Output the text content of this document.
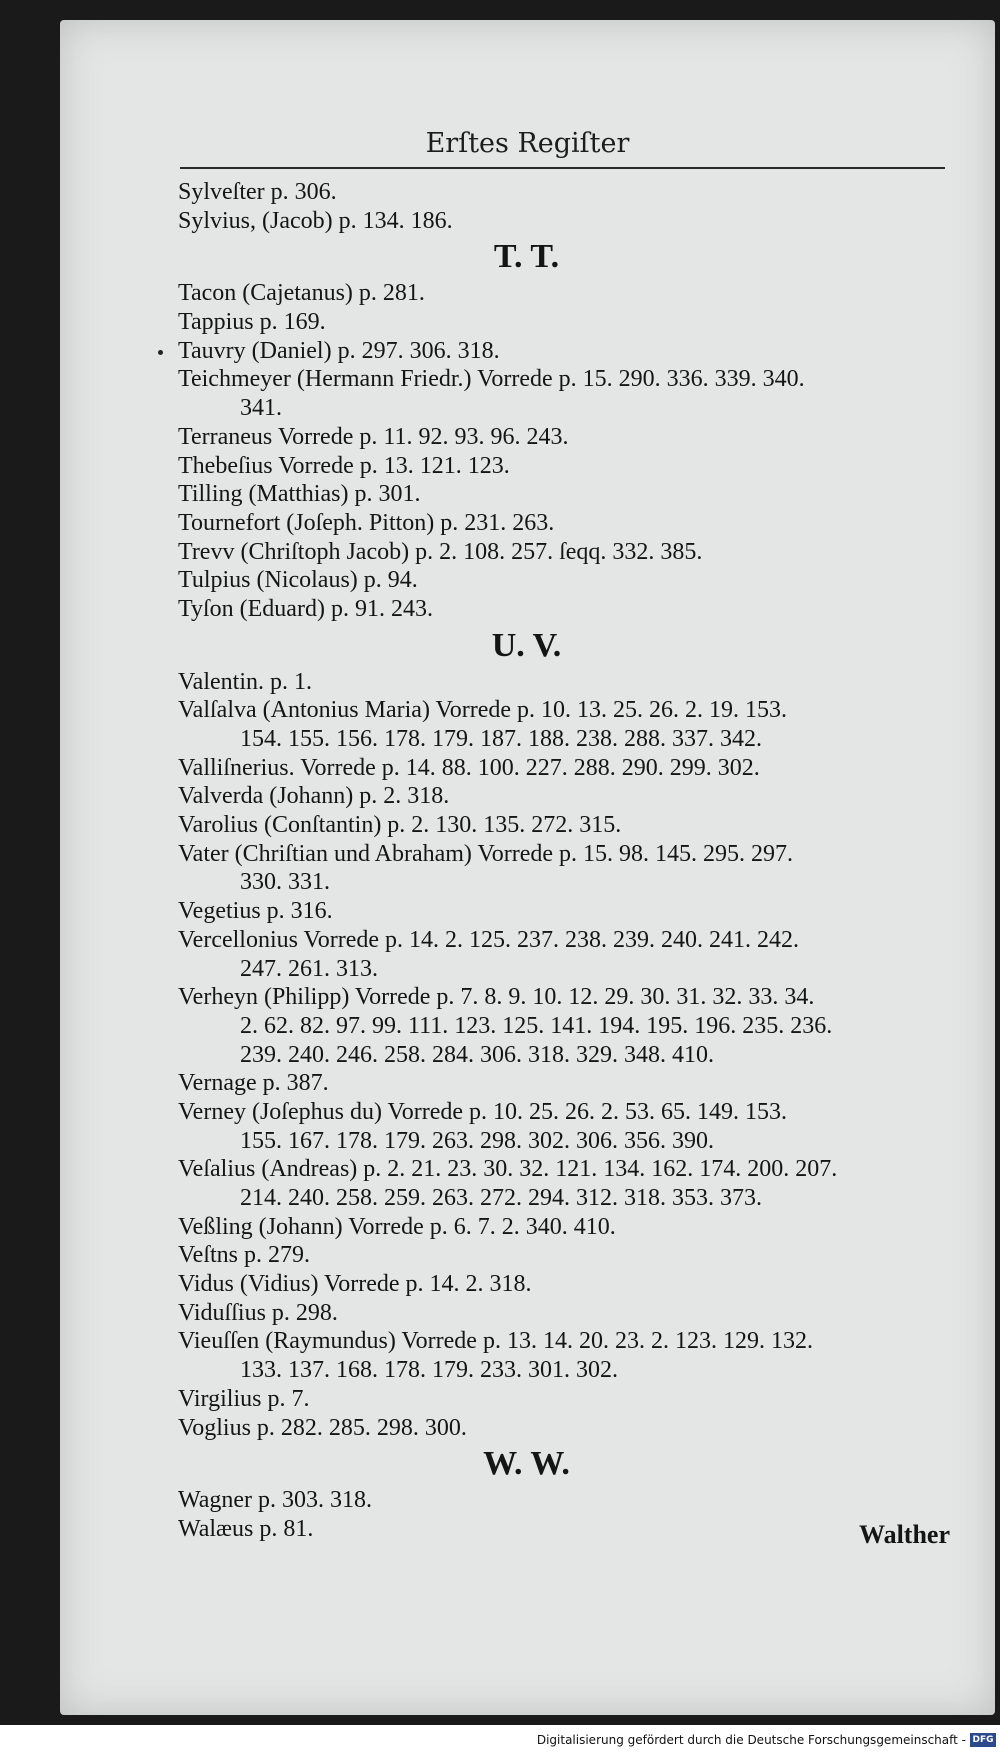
Erſtes Regiſter
Sylveſter p. 306.
Sylvius, (Jacob) p. 134. 186.
T. T.
Tacon (Cajetanus) p. 281.
Tappius p. 169.
Tauvry (Daniel) p. 297. 306. 318.
Teichmeyer (Hermann Friedr.) Vorrede p. 15. 290. 336. 339. 340.
341.
Terraneus Vorrede p. 11. 92. 93. 96. 243.
Thebeſius Vorrede p. 13. 121. 123.
Tilling (Matthias) p. 301.
Tournefort (Joſeph. Pitton) p. 231. 263.
Trevv (Chriſtoph Jacob) p. 2. 108. 257. ſeqq. 332. 385.
Tulpius (Nicolaus) p. 94.
Tyſon (Eduard) p. 91. 243.
U. V.
Valentin. p. 1.
Valſalva (Antonius Maria) Vorrede p. 10. 13. 25. 26. 2. 19. 153.
154. 155. 156. 178. 179. 187. 188. 238. 288. 337. 342.
Valliſnerius. Vorrede p. 14. 88. 100. 227. 288. 290. 299. 302.
Valverda (Johann) p. 2. 318.
Varolius (Conſtantin) p. 2. 130. 135. 272. 315.
Vater (Chriſtian und Abraham) Vorrede p. 15. 98. 145. 295. 297.
330. 331.
Vegetius p. 316.
Vercellonius Vorrede p. 14. 2. 125. 237. 238. 239. 240. 241. 242.
247. 261. 313.
Verheyn (Philipp) Vorrede p. 7. 8. 9. 10. 12. 29. 30. 31. 32. 33. 34.
2. 62. 82. 97. 99. 111. 123. 125. 141. 194. 195. 196. 235. 236.
239. 240. 246. 258. 284. 306. 318. 329. 348. 410.
Vernage p. 387.
Verney (Joſephus du) Vorrede p. 10. 25. 26. 2. 53. 65. 149. 153.
155. 167. 178. 179. 263. 298. 302. 306. 356. 390.
Veſalius (Andreas) p. 2. 21. 23. 30. 32. 121. 134. 162. 174. 200. 207.
214. 240. 258. 259. 263. 272. 294. 312. 318. 353. 373.
Veßling (Johann) Vorrede p. 6. 7. 2. 340. 410.
Veſtns p. 279.
Vidus (Vidius) Vorrede p. 14. 2. 318.
Viduſſius p. 298.
Vieuſſen (Raymundus) Vorrede p. 13. 14. 20. 23. 2. 123. 129. 132.
133. 137. 168. 178. 179. 233. 301. 302.
Virgilius p. 7.
Voglius p. 282. 285. 298. 300.
W. W.
Wagner p. 303. 318.
Walæus p. 81.	Walther
Digitalisierung gefördert durch die Deutsche Forschungsgemeinschaft - DFG
